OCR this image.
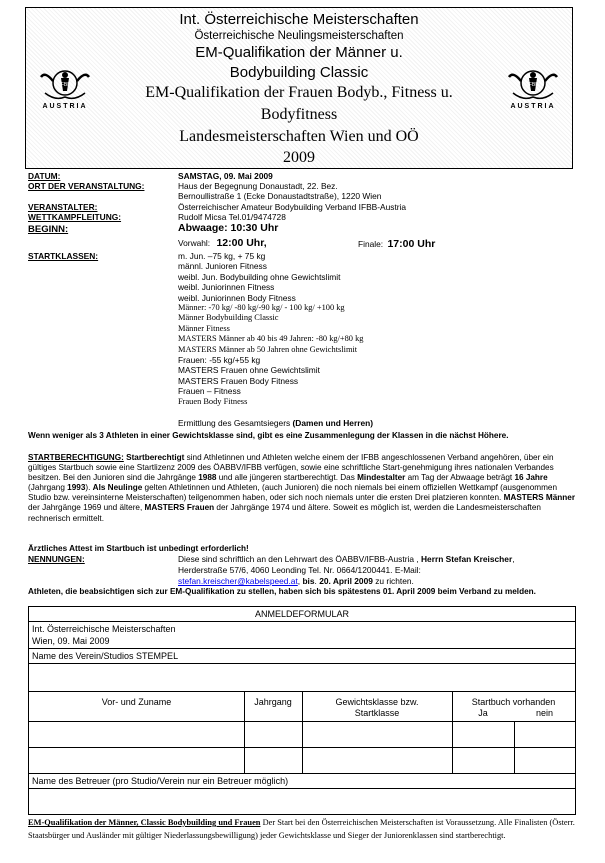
IFBB
AUSTRIA
IFBB
AUSTRIA
Int. Österreichische Meisterschaften
Österreichische Neulingsmeisterschaften
EM-Qualifikation der Männer u.
Bodybuilding Classic
EM-Qualifikation der Frauen Bodyb., Fitness u.
Bodyfitness
Landesmeisterschaften Wien und OÖ
2009
DATUM:	SAMSTAG, 09. Mai 2009
ORT DER VERANSTALTUNG:	Haus der Begegnung Donaustadt, 22. Bez.
Bernoullistraße 1 (Ecke Donaustadtstraße), 1220 Wien
VERANSTALTER:	Österreichischer Amateur Bodybuilding Verband IFBB-Austria
WETTKAMPFLEITUNG:	Rudolf Micsa Tel.01/9474728
BEGINN:	Abwaage: 10:30 Uhr
Vorwahl: 12:00 Uhr,	Finale: 17:00 Uhr
STARTKLASSEN:	m. Jun. –75 kg, + 75 kg
männl. Junioren Fitness
weibl. Jun. Bodybuilding ohne Gewichtslimit
weibl. Juniorinnen Fitness
weibl. Juniorinnen Body Fitness
Männer: -70 kg/ -80 kg/-90 kg/ - 100 kg/ +100 kg
Männer Bodybuilding Classic
Männer Fitness
MASTERS Männer ab 40 bis 49 Jahren: -80 kg/+80 kg
MASTERS Männer ab 50 Jahren ohne Gewichtslimit
Frauen: -55 kg/+55 kg
MASTERS Frauen ohne Gewichtslimit
MASTERS Frauen Body Fitness
Frauen – Fitness
Frauen Body Fitness
Ermittlung des Gesamtsiegers (Damen und Herren)
Wenn weniger als 3 Athleten in einer Gewichtsklasse sind, gibt es eine Zusammenlegung der Klassen in die nächst Höhere.
STARTBERECHTIGUNG: Startberechtigt sind Athletinnen und Athleten welche einem der IFBB angeschlossenen Verband angehören, über ein gültiges Startbuch sowie eine Startlizenz 2009 des ÖABBV/IFBB verfügen, sowie eine schriftliche Start-genehmigung ihres nationalen Verbandes besitzen. Bei den Junioren sind die Jahrgänge 1988 und alle jüngeren startberechtigt. Das Mindestalter am Tag der Abwaage beträgt 16 Jahre (Jahrgang 1993). Als Neulinge gelten Athletinnen und Athleten, (auch Junioren) die noch niemals bei einem offiziellen Wettkampf (ausgenommen Studio bzw. vereinsinterne Meisterschaften) teilgenommen haben, oder sich noch niemals unter die ersten Drei platzieren konnten. MASTERS Männer der Jahrgänge 1969 und ältere, MASTERS Frauen der Jahrgänge 1974 und ältere. Soweit es möglich ist, werden die Landesmeisterschaften rechnerisch ermittelt.
Ärztliches Attest im Startbuch ist unbedingt erforderlich!
NENNUNGEN:	Diese sind schriftlich an den Lehrwart des ÖABBV/IFBB-Austria , Herrn Stefan Kreischer,
Herderstraße 57/6, 4060 Leonding Tel. Nr. 0664/1200441. E-Mail:
stefan.kreischer@kabelspeed.at, bis. 20. April 2009 zu richten.
Athleten, die beabsichtigen sich zur EM-Qualifikation zu stellen, haben sich bis spätestens 01. April 2009 beim Verband zu melden.
ANMELDEFORMULAR
Int. Österreichische Meisterschaften
Wien, 09. Mai 2009
Name des Verein/Studios STEMPEL
Vor- und Zuname	Jahrgang	Gewichtsklasse bzw.
Startklasse
Startbuch vorhanden
Ja	nein
Name des Betreuer (pro Studio/Verein nur ein Betreuer möglich)
EM-Qualifikation der Männer, Classic Bodybuilding und Frauen Der Start bei den Österreichischen Meisterschaften ist Voraussetzung. Alle Finalisten (Österr. Staatsbürger und Ausländer mit gültiger Niederlassungsbewilligung) jeder Gewichtsklasse und Sieger der Juniorenklassen sind startberechtigt.
